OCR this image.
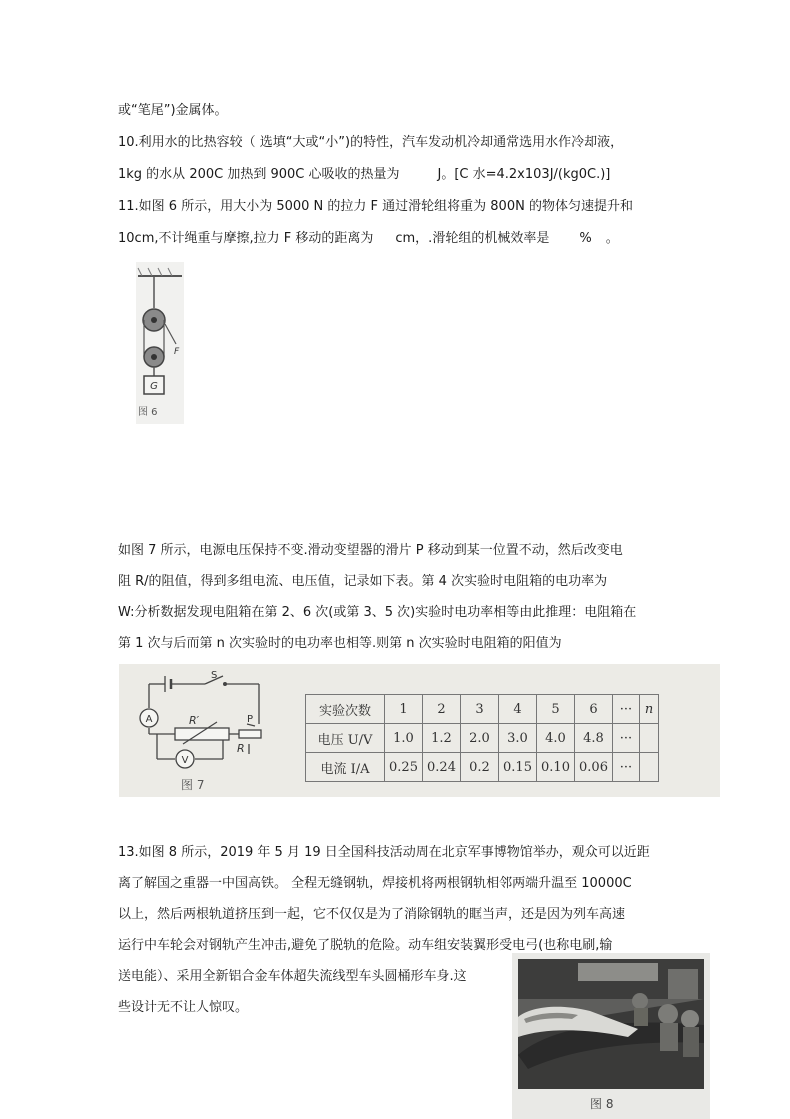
或“笔尾”)金属体。
10.利用水的比热容较（ 选填“大或“小”)的特性，汽车发动机冷却通常选用水作冷却液，
1kg 的水从 200C 加热到 900C 心吸收的热量为	J。[C 水=4.2x103J/(kg0C.)]
11.如图 6 所示，用大小为 5000 N 的拉力 F 通过滑轮组将重为 800N 的物体匀速提升和
10cm,不计绳重与摩擦,拉力 F 移动的距离为 cm，.滑轮组的机械效率是 % 。
G
F
图 6
如图 7 所示，电源电压保持不变.滑动变望器的滑片 P 移动到某一位置不动，然后改变电
阻 R/的阻值，得到多组电流、电压值，记录如下表。第 4 次实验时电阻箱的电功率为
W:分析数据发现电阻箱在第 2、6 次(或第 3、5 次)实验时电功率相等由此推理：电阻箱在
第 1 次与后而第 n 次实验时的电功率也相等.则第 n 次实验时电阻箱的阳值为
A	R′
V
S
P
R
图 7
实验次数	1	2	3	4	5	6	···	n
电压 U/V	1.0	1.2	2.0	3.0	4.0	4.8	···	
电流 I/A	0.25	0.24	0.2	0.15	0.10	0.06	···	
13.如图 8 所示，2019 年 5 月 19 日全国科技活动周在北京军事博物馆举办，观众可以近距
离了解国之重器一中国高铁。 全程无缝钢轨，焊接机将两根钢轨相邻两端升温至 10000C
以上，然后两根轨道挤压到一起，它不仅仅是为了消除钢轨的眶当声，还是因为列车高速
运行中车轮会对钢轨产生冲击,避免了脱轨的危险。动车组安装翼形受电弓(也称电刷,输
送电能）、采用全新铝合金车体超失流线型车头圆桶形车身.这
些设计无不让人惊叹。
图 8
